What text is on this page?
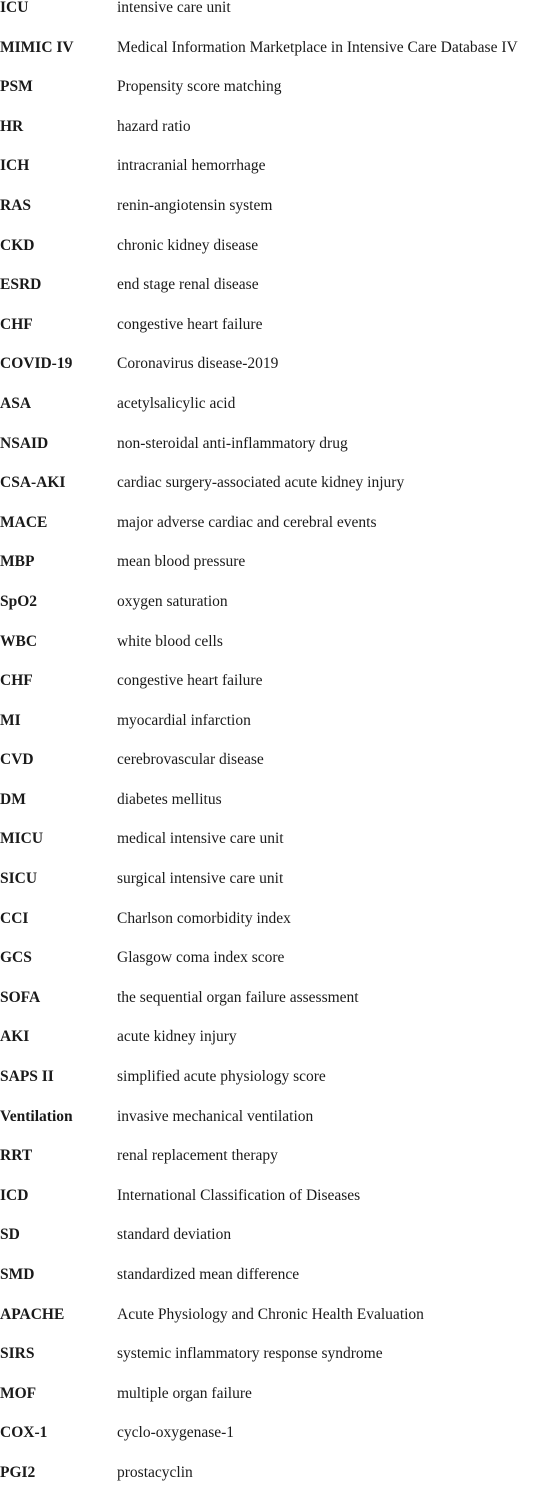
ICU	intensive care unit
MIMIC IV	Medical Information Marketplace in Intensive Care Database IV
PSM	Propensity score matching
HR	hazard ratio
ICH	intracranial hemorrhage
RAS	renin-angiotensin system
CKD	chronic kidney disease
ESRD	end stage renal disease
CHF	congestive heart failure
COVID-19	Coronavirus disease-2019
ASA	acetylsalicylic acid
NSAID	non-steroidal anti-inflammatory drug
CSA-AKI	cardiac surgery-associated acute kidney injury
MACE	major adverse cardiac and cerebral events
MBP	mean blood pressure
SpO2	oxygen saturation
WBC	white blood cells
CHF	congestive heart failure
MI	myocardial infarction
CVD	cerebrovascular disease
DM	diabetes mellitus
MICU	medical intensive care unit
SICU	surgical intensive care unit
CCI	Charlson comorbidity index
GCS	Glasgow coma index score
SOFA	the sequential organ failure assessment
AKI	acute kidney injury
SAPS II	simplified acute physiology score
Ventilation	invasive mechanical ventilation
RRT	renal replacement therapy
ICD	International Classification of Diseases
SD	standard deviation
SMD	standardized mean difference
APACHE	Acute Physiology and Chronic Health Evaluation
SIRS	systemic inflammatory response syndrome
MOF	multiple organ failure
COX-1	cyclo-oxygenase-1
PGI2	prostacyclin
